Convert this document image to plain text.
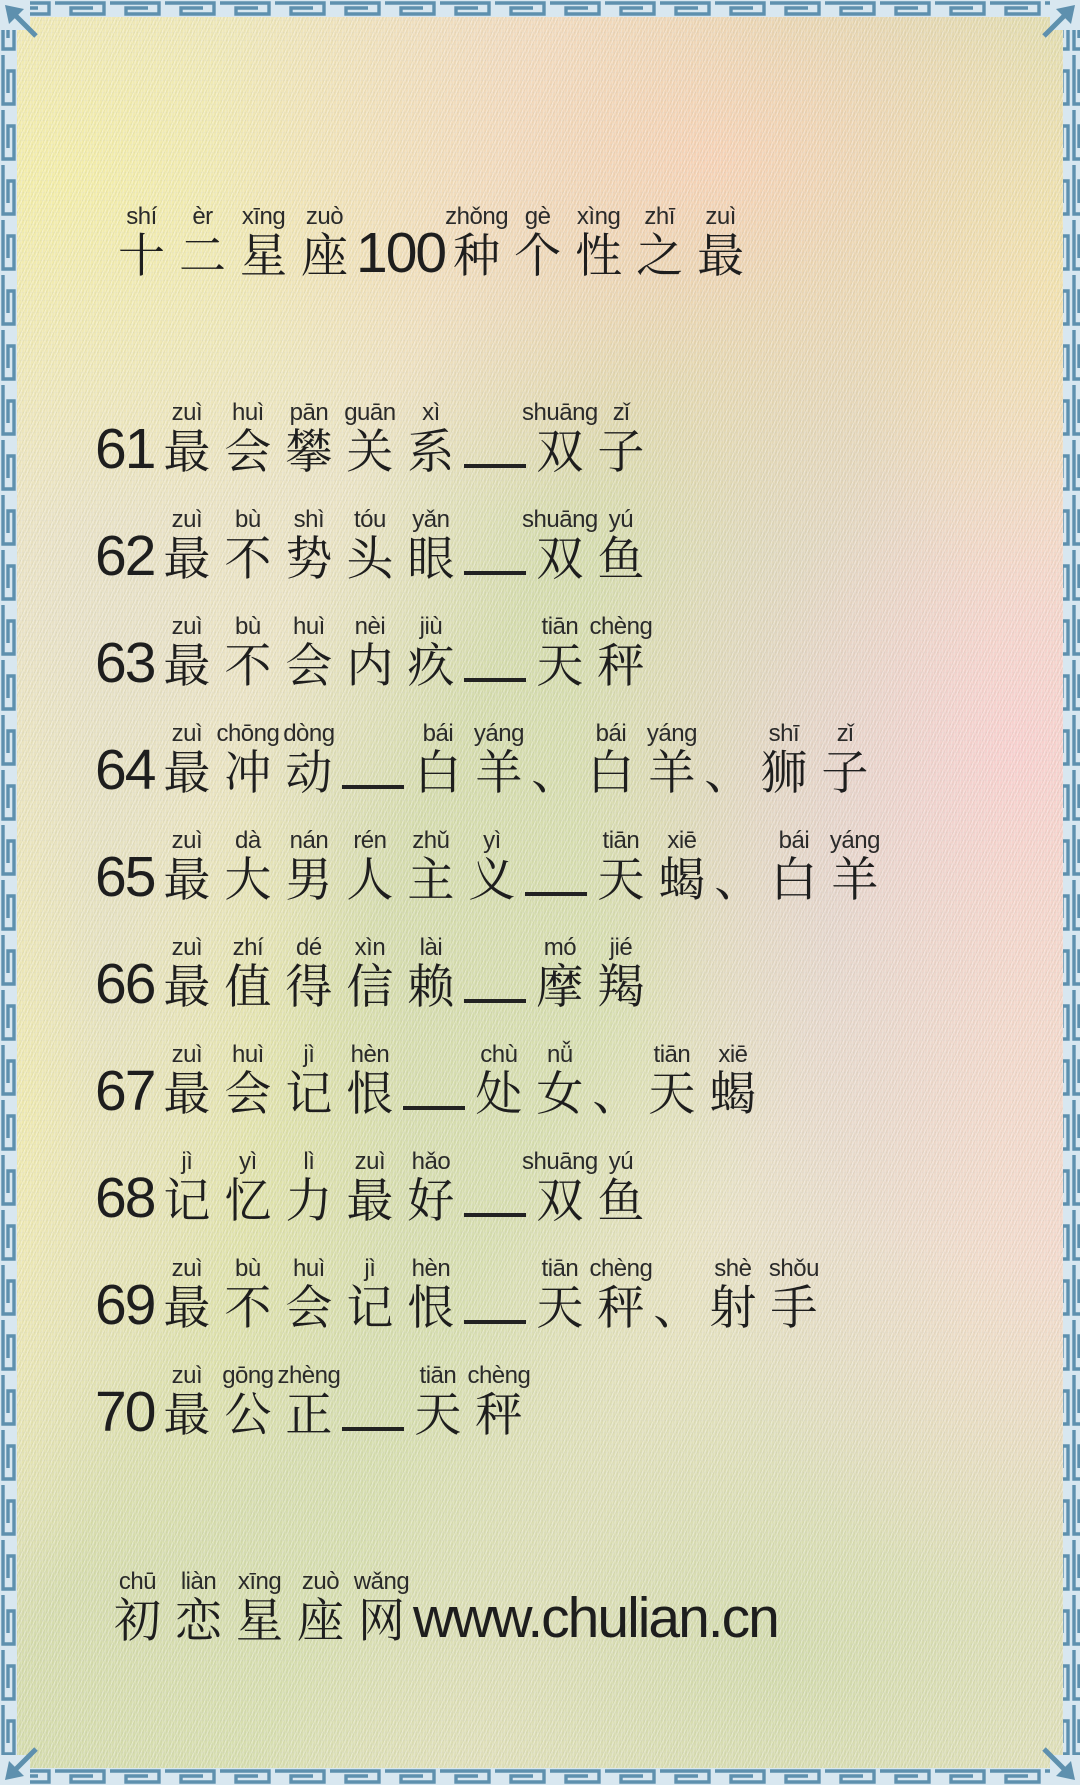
shí
十
èr
二
xīng
星
zuò
座 100
zhǒng
种
gè
个
xìng
性
zhī
之
zuì
最
61
zuì
最
huì
会
pān
攀
guān
关
xì
系
shuāng
双
zǐ
子
62
zuì
最
bù
不
shì
势
tóu
头
yǎn
眼
shuāng
双
yú
鱼
63
zuì
最
bù
不
huì
会
nèi
内
jiù
疚
tiān
天
chèng
秤
64
zuì
最
chōng
冲
dòng
动
bái
白
yáng
羊 、
bái
白
yáng
羊 、
shī
狮
zǐ
子
65
zuì
最
dà
大
nán
男
rén
人
zhǔ
主
yì
义
tiān
天
xiē
蝎 、
bái
白
yáng
羊
66
zuì
最
zhí
值
dé
得
xìn
信
lài
赖
mó
摩
jié
羯
67
zuì
最
huì
会
jì
记
hèn
恨
chù
处
nǚ
女 、
tiān
天
xiē
蝎
68
jì
记
yì
忆
lì
力
zuì
最
hǎo
好
shuāng
双
yú
鱼
69
zuì
最
bù
不
huì
会
jì
记
hèn
恨
tiān
天
chèng
秤 、
shè
射
shǒu
手
70
zuì
最
gōng
公
zhèng
正
tiān
天
chèng
秤
chū
初
liàn
恋
xīng
星
zuò
座
wǎng
网 www.chulian.cn
